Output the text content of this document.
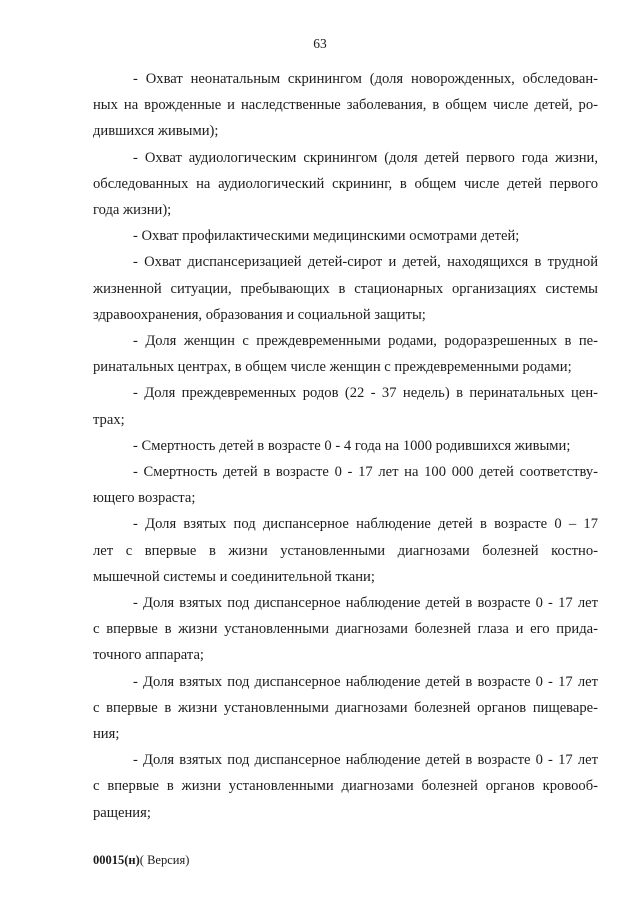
63

- Охват неонатальным скринингом (доля новорожденных, обследован-
ных на врожденные и наследственные заболевания, в общем числе детей, ро-
дившихся живыми);

- Охват аудиологическим скринингом (доля детей первого года жизни,
обследованных на аудиологический скрининг, в общем числе детей первого
года жизни);

- Охват профилактическими медицинскими осмотрами детей;

- Охват диспансеризацией детей-сирот и детей, находящихся в трудной
жизненной ситуации, пребывающих в стационарных организациях системы
здравоохранения, образования и социальной защиты;

- Доля женщин с преждевременными родами, родоразрешенных в пе-
ринатальных центрах, в общем числе женщин с преждевременными родами;

- Доля преждевременных родов (22 - 37 недель) в перинатальных цен-
трах;

- Смертность детей в возрасте 0 - 4 года на 1000 родившихся живыми;

- Смертность детей в возрасте 0 - 17 лет на 100 000 детей соответству-
ющего возраста;

- Доля взятых под диспансерное наблюдение детей в возрасте 0 – 17
лет с впервые в жизни установленными диагнозами болезней костно-
мышечной системы и соединительной ткани;

- Доля взятых под диспансерное наблюдение детей в возрасте 0 - 17 лет
с впервые в жизни установленными диагнозами болезней глаза и его прида-
точного аппарата;

- Доля взятых под диспансерное наблюдение детей в возрасте 0 - 17 лет
с впервые в жизни установленными диагнозами болезней органов пищеваре-
ния;

- Доля взятых под диспансерное наблюдение детей в возрасте 0 - 17 лет
с впервые в жизни установленными диагнозами болезней органов кровооб-
ращения;

00015(н)( Версия)
